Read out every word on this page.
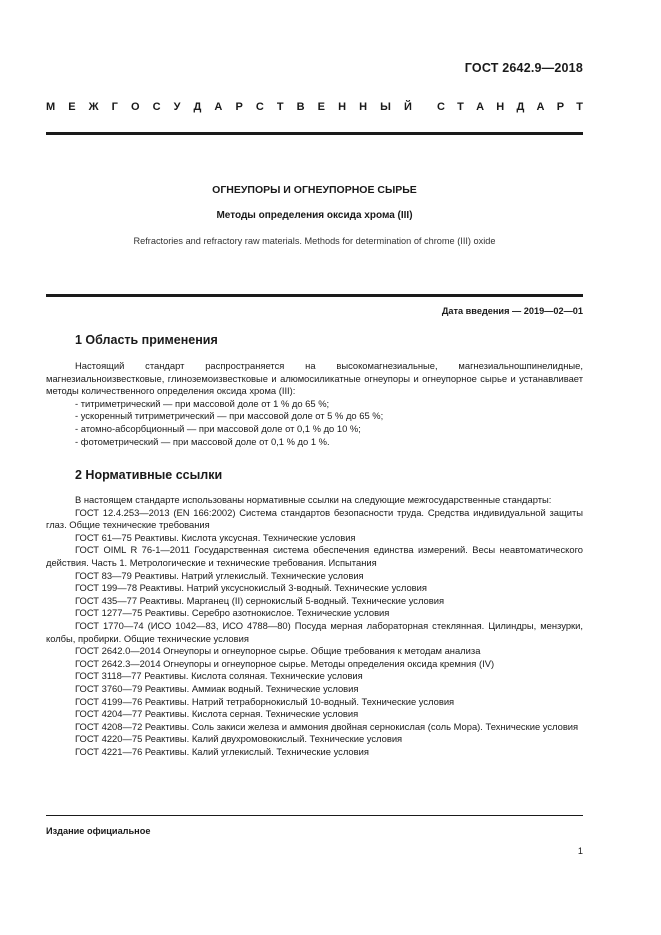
ГОСТ 2642.9—2018
М Е Ж Г О С У Д А Р С Т В Е Н Н Ы Й С Т А Н Д А Р Т
ОГНЕУПОРЫ И ОГНЕУПОРНОЕ СЫРЬЕ
Методы определения оксида хрома (III)
Refractories and refractory raw materials. Methods for determination of chrome (III) oxide
Дата введения — 2019—02—01
1 Область применения

Настоящий стандарт распространяется на высокомагнезиальные, магнезиальношпинелидные, магнезиальноизвестковые, глиноземоизвестковые и алюмосиликатные огнеупоры и огнеупорное сырье и устанавливает методы количественного определения оксида хрома (III):

- титриметрический — при массовой доле от 1 % до 65 %;

- ускоренный титриметрический — при массовой доле от 5 % до 65 %;

- атомно-абсорбционный — при массовой доле от 0,1 % до 10 %;

- фотометрический — при массовой доле от 0,1 % до 1 %.

2 Нормативные ссылки

В настоящем стандарте использованы нормативные ссылки на следующие межгосударственные стандарты:

ГОСТ 12.4.253—2013 (EN 166:2002) Система стандартов безопасности труда. Средства индивидуальной защиты глаз. Общие технические требования

ГОСТ 61—75 Реактивы. Кислота уксусная. Технические условия

ГОСТ OIML R 76-1—2011 Государственная система обеспечения единства измерений. Весы неавтоматического действия. Часть 1. Метрологические и технические требования. Испытания

ГОСТ 83—79 Реактивы. Натрий углекислый. Технические условия

ГОСТ 199—78 Реактивы. Натрий уксуснокислый 3-водный. Технические условия

ГОСТ 435—77 Реактивы. Марганец (II) сернокислый 5-водный. Технические условия

ГОСТ 1277—75 Реактивы. Серебро азотнокислое. Технические условия

ГОСТ 1770—74 (ИСО 1042—83, ИСО 4788—80) Посуда мерная лабораторная стеклянная. Цилиндры, мензурки, колбы, пробирки. Общие технические условия

ГОСТ 2642.0—2014 Огнеупоры и огнеупорное сырье. Общие требования к методам анализа

ГОСТ 2642.3—2014 Огнеупоры и огнеупорное сырье. Методы определения оксида кремния (IV)

ГОСТ 3118—77 Реактивы. Кислота соляная. Технические условия

ГОСТ 3760—79 Реактивы. Аммиак водный. Технические условия

ГОСТ 4199—76 Реактивы. Натрий тетраборнокислый 10-водный. Технические условия

ГОСТ 4204—77 Реактивы. Кислота серная. Технические условия

ГОСТ 4208—72 Реактивы. Соль закиси железа и аммония двойная сернокислая (соль Мора). Технические условия

ГОСТ 4220—75 Реактивы. Калий двухромовокислый. Технические условия

ГОСТ 4221—76 Реактивы. Калий углекислый. Технические условия

Издание официальное
1
